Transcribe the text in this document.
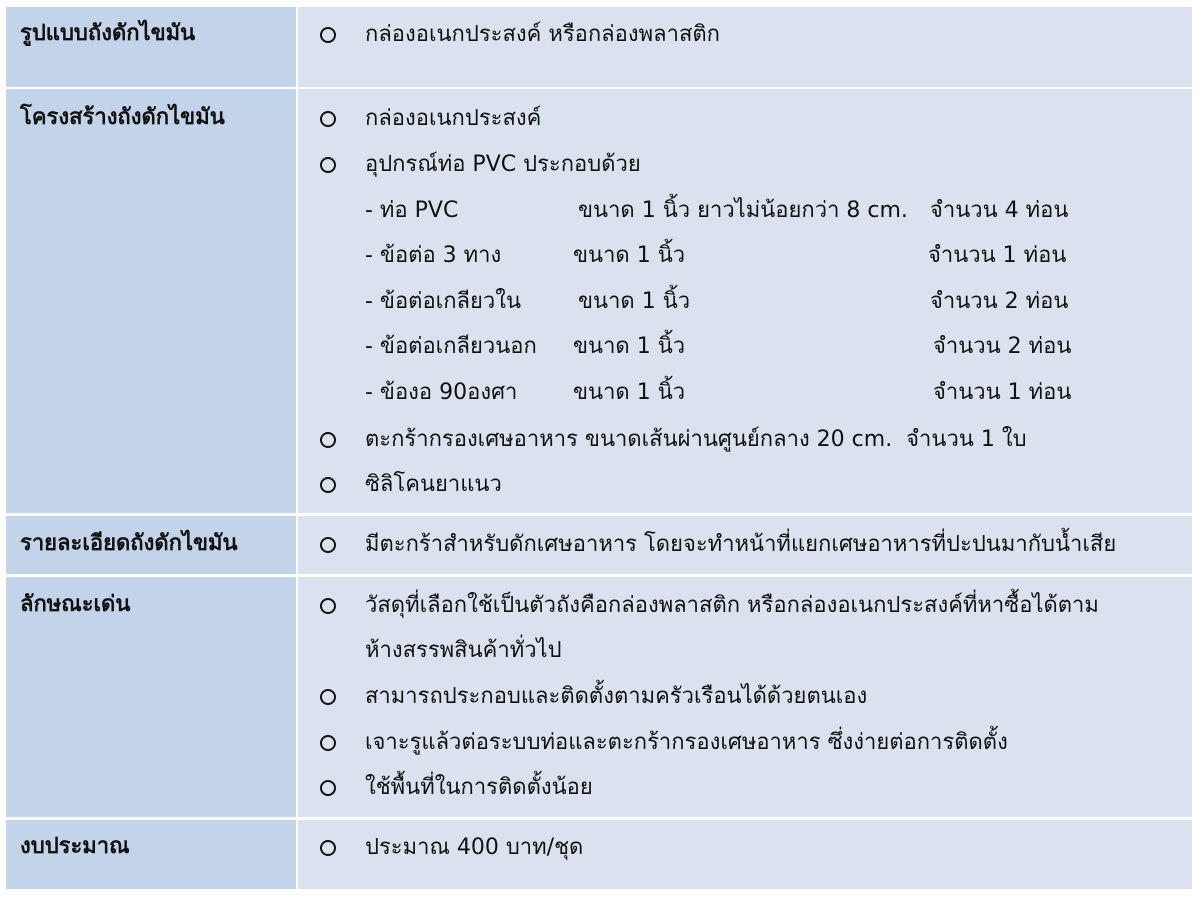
รูปแบบถังดักไขมัน	กล่องอเนกประสงค์ หรือกล่องพลาสติก
โครงสร้างถังดักไขมัน	กล่องอเนกประสงค์
อุปกรณ์ท่อ PVC ประกอบด้วย
- ท่อ PVC	ขนาด 1 นิ้ว ยาวไม่น้อยกว่า 8 cm. จำนวน 4 ท่อน
- ข้อต่อ 3 ทาง	ขนาด 1 นิ้ว	จำนวน 1 ท่อน
- ข้อต่อเกลียวใน	ขนาด 1 นิ้ว	จำนวน 2 ท่อน
- ข้อต่อเกลียวนอก ขนาด 1 นิ้ว	จำนวน 2 ท่อน
- ข้องอ 90องศา	ขนาด 1 นิ้ว	จำนวน 1 ท่อน
ตะกร้ากรองเศษอาหาร ขนาดเส้นผ่านศูนย์กลาง 20 cm.  จำนวน 1 ใบ
ซิลิโคนยาแนว
รายละเอียดถังดักไขมัน	มีตะกร้าสำหรับดักเศษอาหาร โดยจะทำหน้าที่แยกเศษอาหารที่ปะปนมากับน้ำเสีย
ลักษณะเด่น	วัสดุที่เลือกใช้เป็นตัวถังคือกล่องพลาสติก หรือกล่องอเนกประสงค์ที่หาซื้อได้ตาม
ห้างสรรพสินค้าทั่วไป
สามารถประกอบและติดตั้งตามครัวเรือนได้ด้วยตนเอง
เจาะรูแล้วต่อระบบท่อและตะกร้ากรองเศษอาหาร ซึ่งง่ายต่อการติดตั้ง
ใช้พื้นที่ในการติดตั้งน้อย
งบประมาณ	ประมาณ 400 บาท/ชุด
